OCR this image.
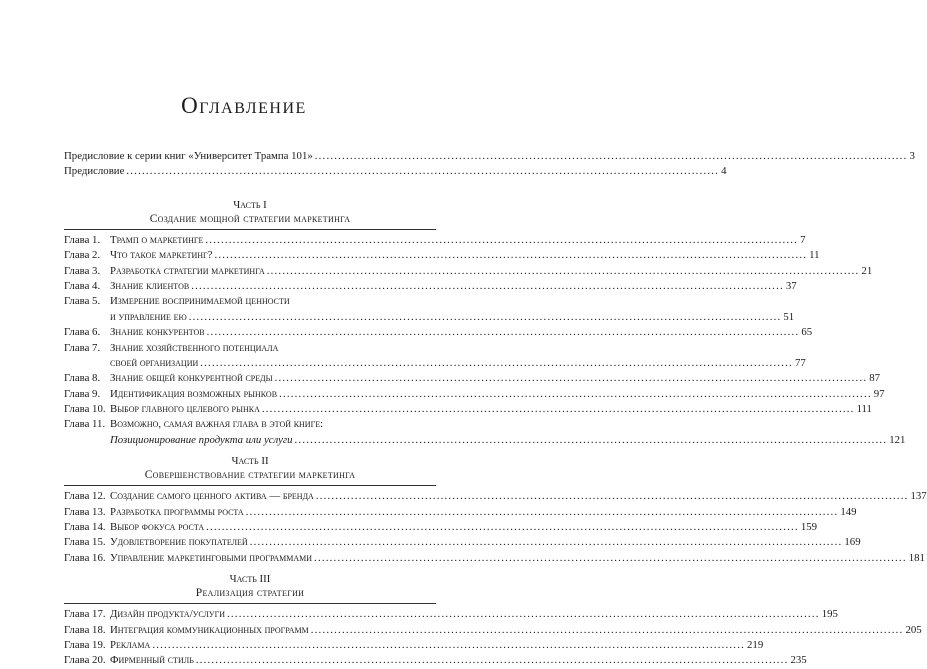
Оглавление
Предисловие к серии книг «Университет Трампа 101» .....	3
Предисловие .....	4
Часть I
Создание мощной стратегии маркетинга
Глава 1. Трамп о маркетинге .....	7
Глава 2. Что такое маркетинг? .....	11
Глава 3. Разработка стратегии маркетинга .....	21
Глава 4. Знание клиентов .....	37
Глава 5. Измерение воспринимаемой ценности
и управление ею .....	51
Глава 6. Знание конкурентов .....	65
Глава 7. Знание хозяйственного потенциала
своей организации .....	77
Глава 8. Знание общей конкурентной среды .....	87
Глава 9. Идентификация возможных рынков .....	97
Глава 10. Выбор главного целевого рынка .....	111
Глава 11. Возможно, самая важная глава в этой книге:
Позиционирование продукта или услуги .....	121
Часть II
Совершенствование стратегии маркетинга
Глава 12. Создание самого ценного актива — бренда .....	137
Глава 13. Разработка программы роста .....	149
Глава 14. Выбор фокуса роста .....	159
Глава 15. Удовлетворение покупателей .....	169
Глава 16. Управление маркетинговыми программами .....	181
Часть III
Реализация стратегии
Глава 17. Дизайн продукта/услуги .....	195
Глава 18. Интеграция коммуникационных программ .....	205
Глава 19. Реклама .....	219
Глава 20. Фирменный стиль .....	235
